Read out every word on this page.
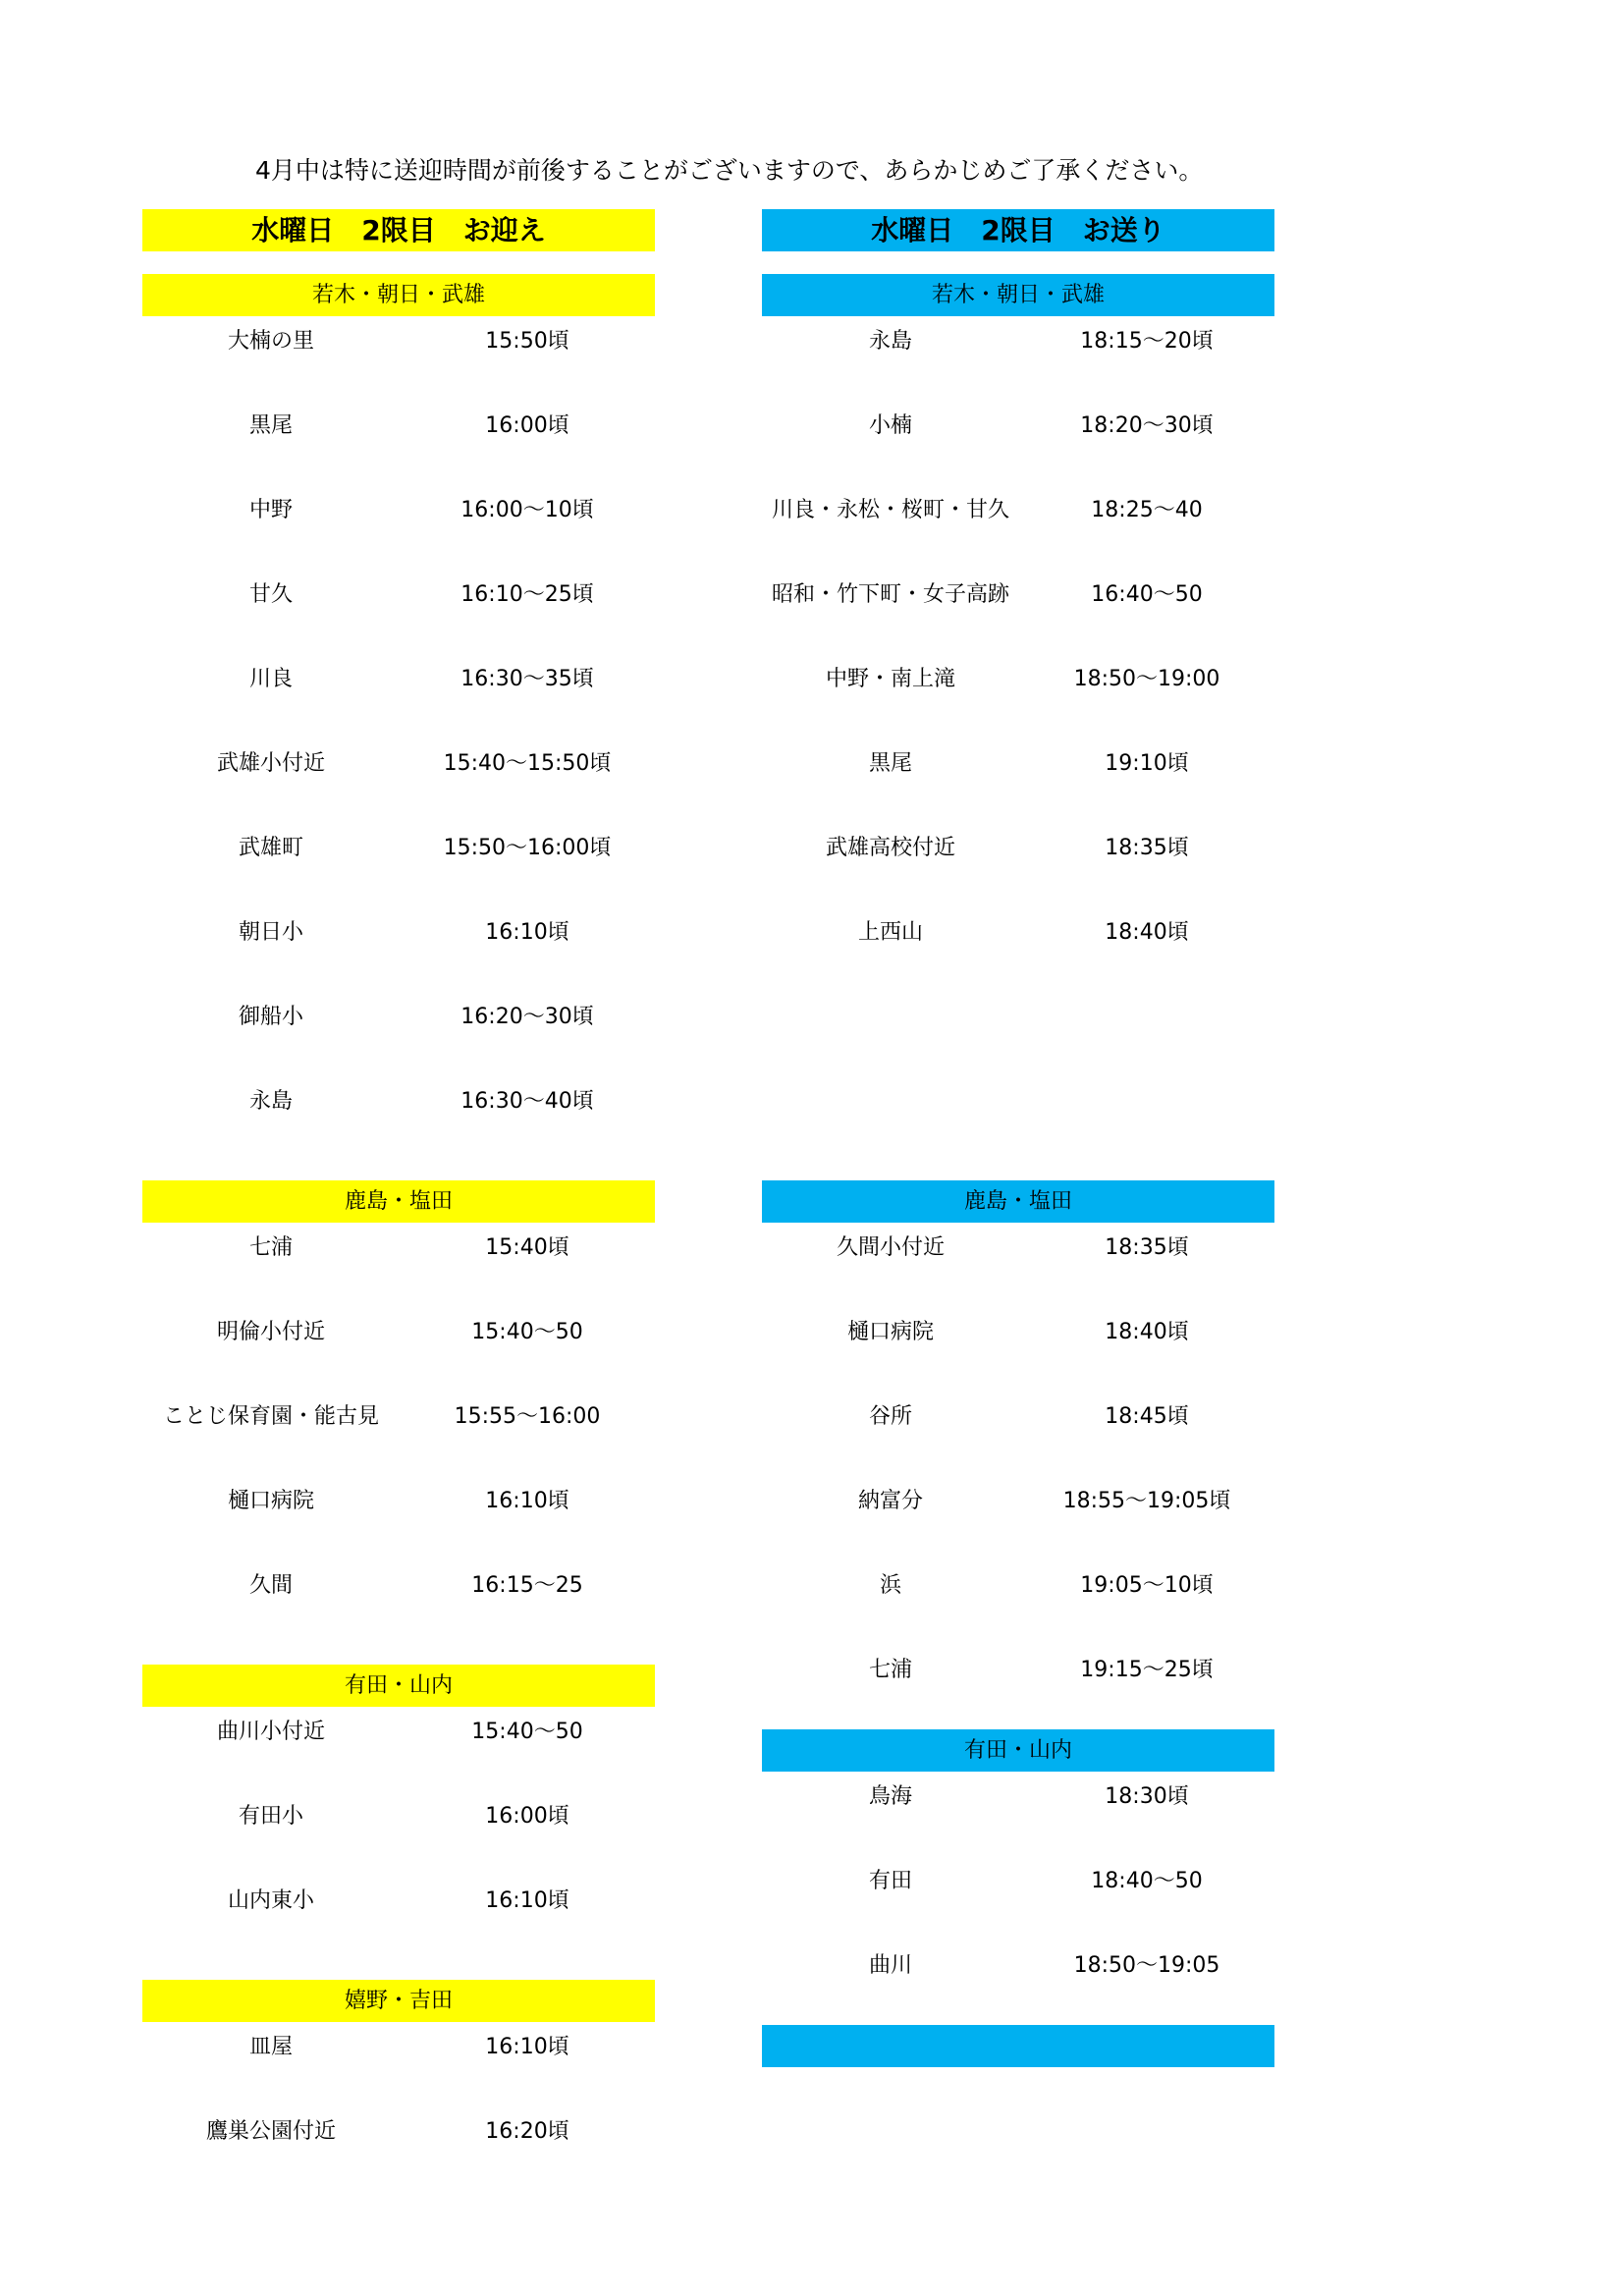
4月中は特に送迎時間が前後することがございますので、あらかじめご了承ください。
水曜日　2限目　お迎え
若木・朝日・武雄
大楠の里	15:50頃
黒尾	16:00頃
中野	16:00～10頃
甘久	16:10～25頃
川良	16:30～35頃
武雄小付近	15:40～15:50頃
武雄町	15:50～16:00頃
朝日小	16:10頃
御船小	16:20～30頃
永島	16:30～40頃
鹿島・塩田
七浦	15:40頃
明倫小付近	15:40～50
ことじ保育園・能古見	15:55～16:00
樋口病院	16:10頃
久間	16:15～25
有田・山内
曲川小付近	15:40～50
有田小	16:00頃
山内東小	16:10頃
嬉野・吉田
皿屋	16:10頃
鷹巣公園付近	16:20頃
水曜日　2限目　お送り
若木・朝日・武雄
永島	18:15～20頃
小楠	18:20～30頃
川良・永松・桜町・甘久	18:25～40
昭和・竹下町・女子高跡	16:40～50
中野・南上滝	18:50～19:00
黒尾	19:10頃
武雄高校付近	18:35頃
上西山	18:40頃
鹿島・塩田
久間小付近	18:35頃
樋口病院	18:40頃
谷所	18:45頃
納富分	18:55～19:05頃
浜	19:05～10頃
七浦	19:15～25頃
有田・山内
鳥海	18:30頃
有田	18:40～50
曲川	18:50～19:05
